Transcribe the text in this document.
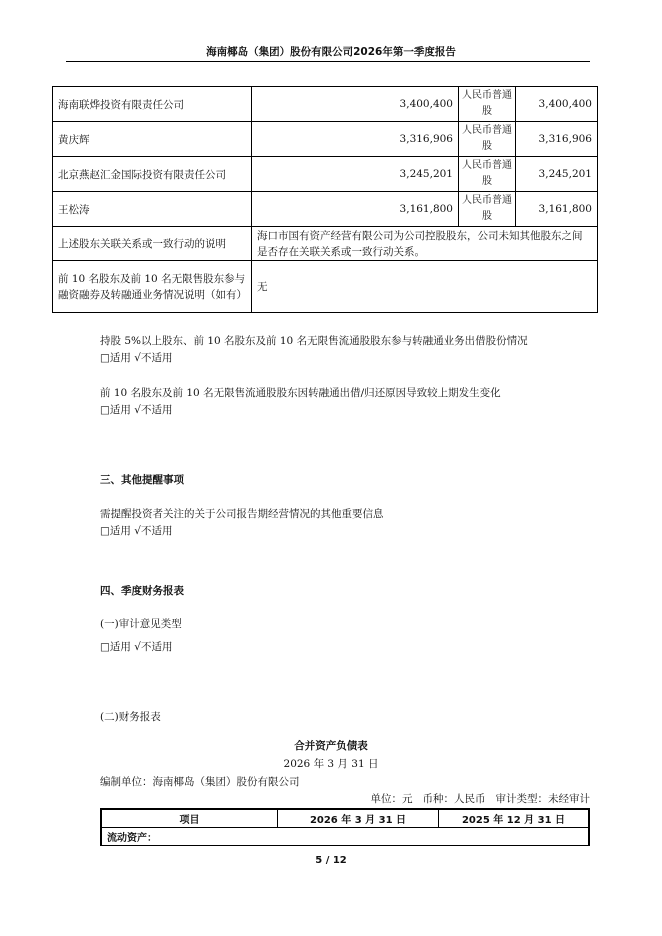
海南椰岛（集团）股份有限公司2026年第一季度报告
海南联烨投资有限责任公司	3,400,400	人民币普通股	3,400,400
黄庆辉	3,316,906	人民币普通股	3,316,906
北京燕赵汇金国际投资有限责任公司	3,245,201	人民币普通股	3,245,201
王松涛	3,161,800	人民币普通股	3,161,800
上述股东关联关系或一致行动的说明	海口市国有资产经营有限公司为公司控股股东，公司未知其他股东之间是否存在关联关系或一致行动关系。		
前 10 名股东及前 10 名无限售股东参与融资融券及转融通业务情况说明（如有）	无		
持股 5%以上股东、前 10 名股东及前 10 名无限售流通股股东参与转融通业务出借股份情况
□适用 √不适用
前 10 名股东及前 10 名无限售流通股股东因转融通出借/归还原因导致较上期发生变化
□适用 √不适用
三、其他提醒事项
需提醒投资者关注的关于公司报告期经营情况的其他重要信息
□适用 √不适用
四、季度财务报表
(一)审计意见类型
□适用 √不适用
(二)财务报表
合并资产负债表
2026 年 3 月 31 日
编制单位：海南椰岛（集团）股份有限公司
单位：元   币种：人民币   审计类型：未经审计
项目	2026 年 3 月 31 日	2025 年 12 月 31 日
流动资产：
5 / 12
